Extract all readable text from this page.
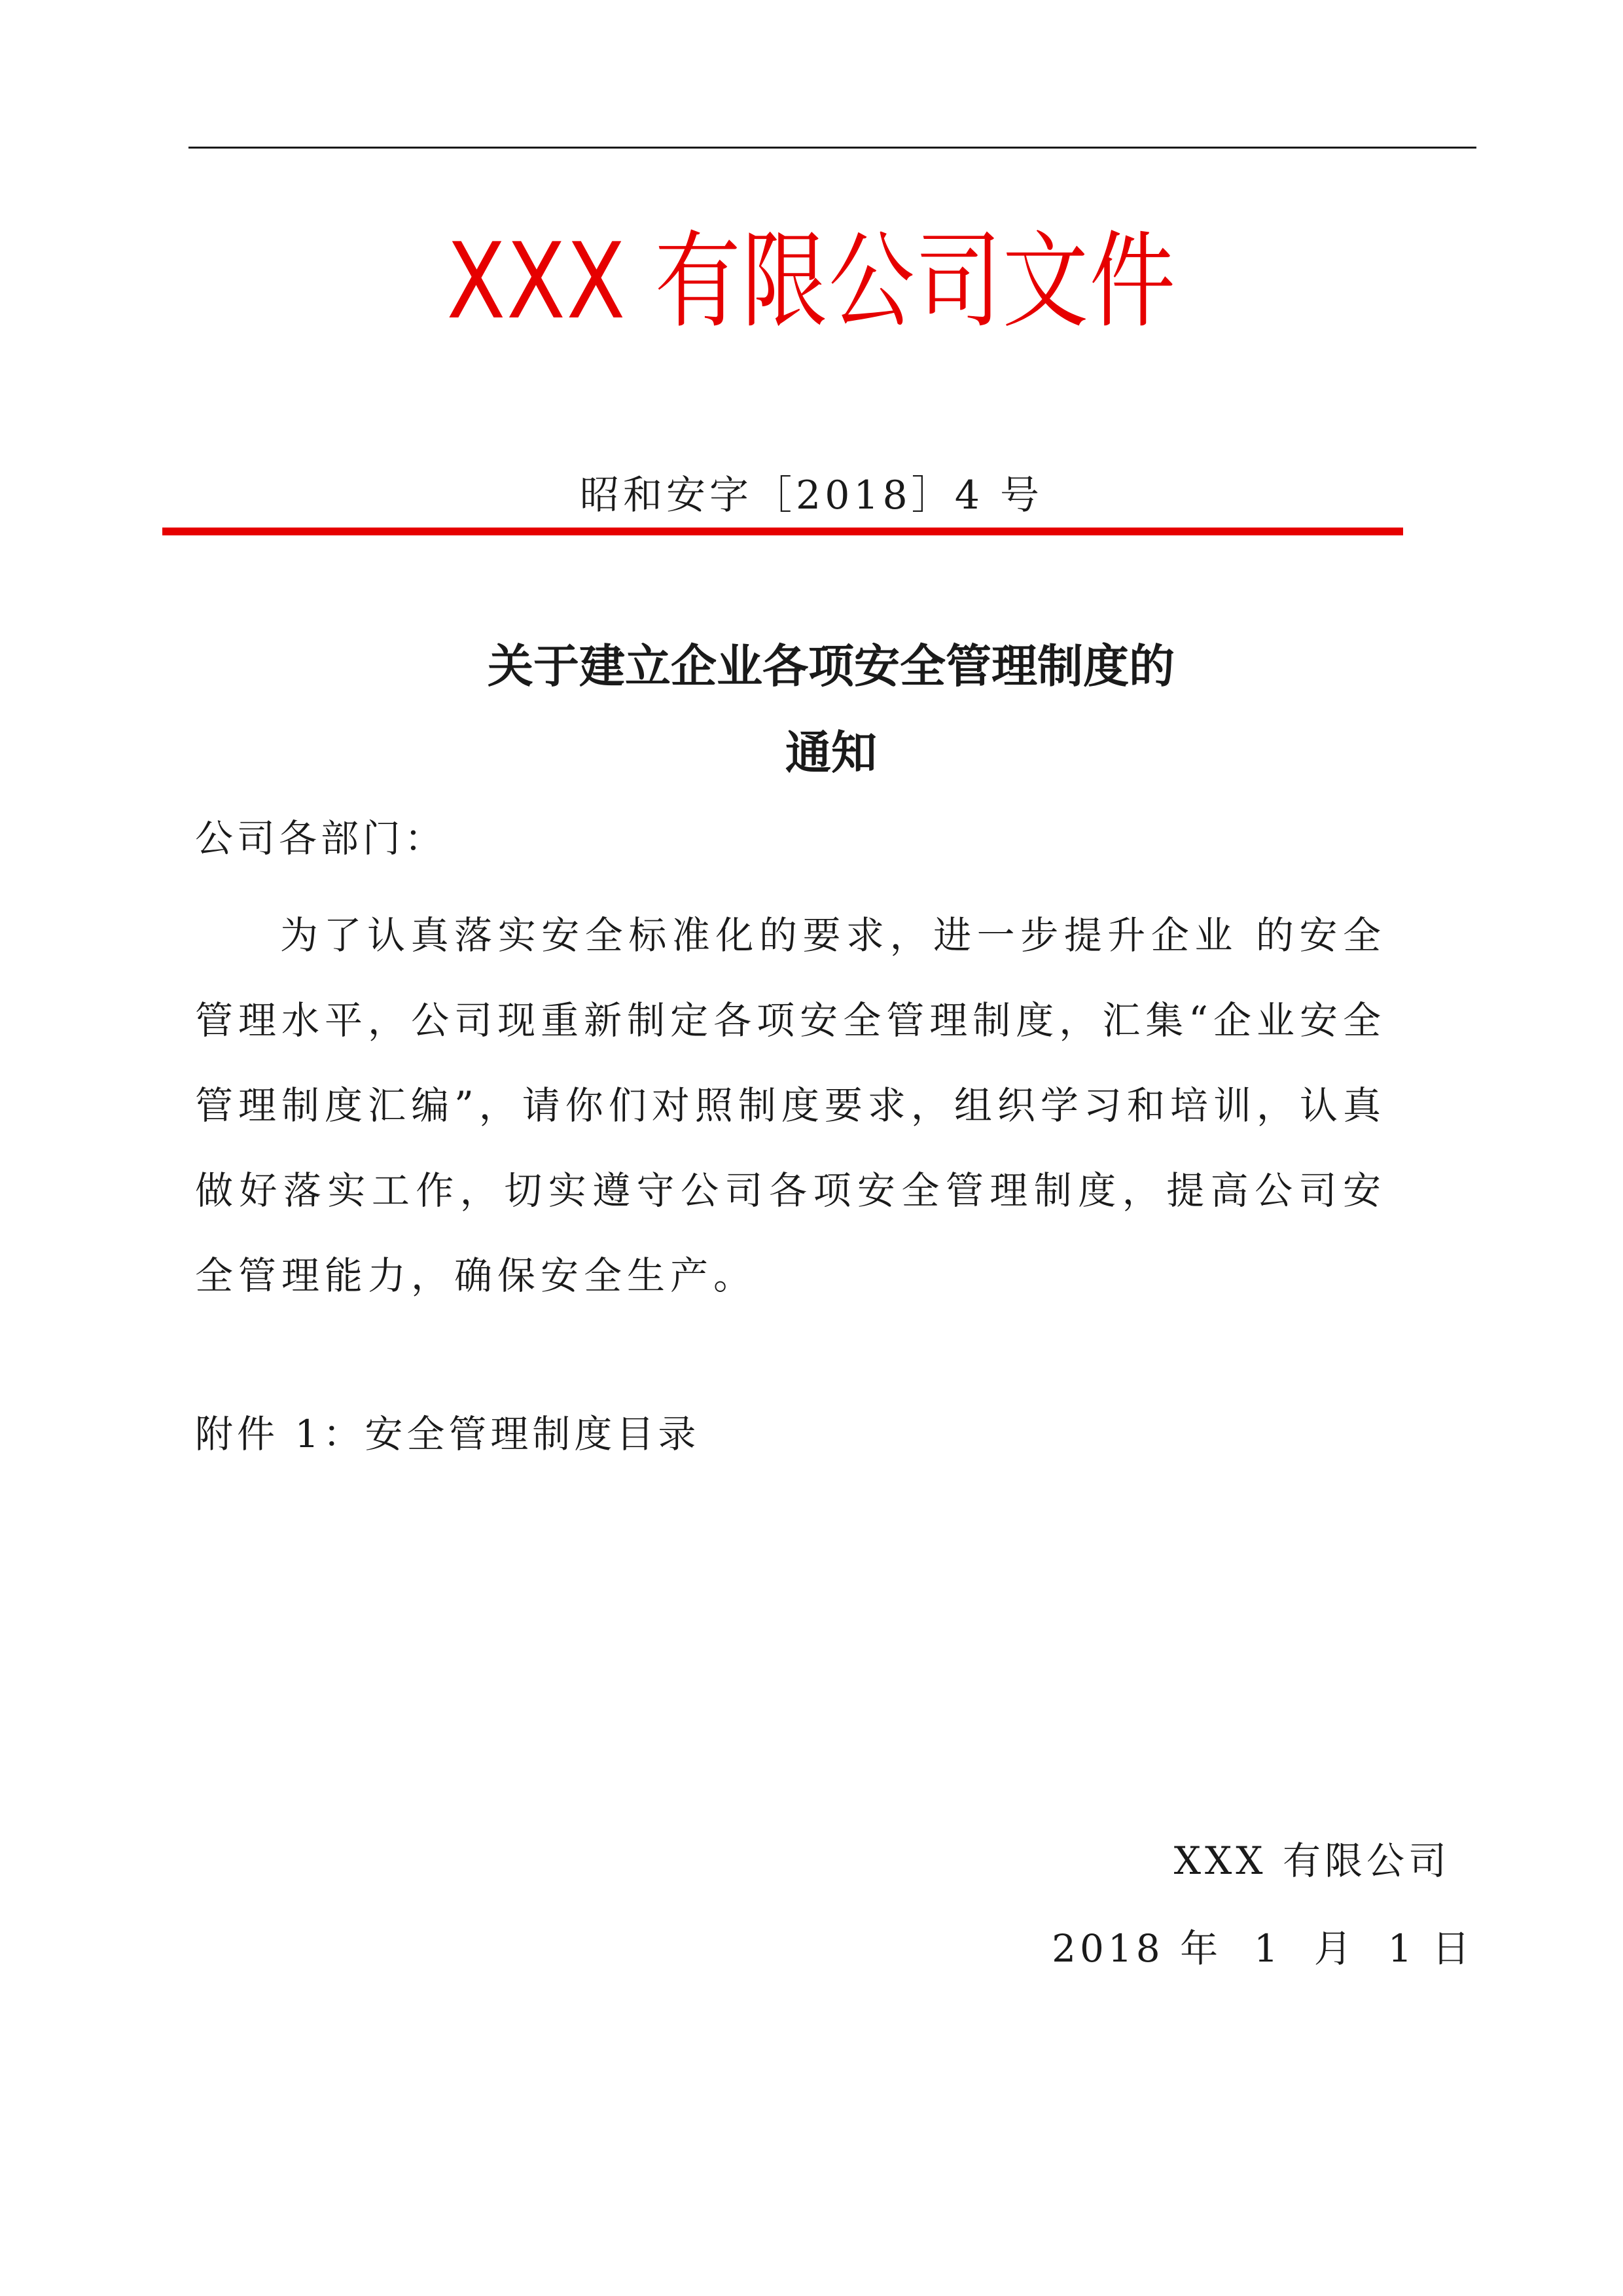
XXX 有限公司文件
昭和安字［2018］4 号
关于建立企业各项安全管理制度的
通知
公司各部门：
为了认真落实安全标准化的要求，进一步提升企业 的安全管理水平，公司现重新制定各项安全管理制度，汇集“企业安全管理制度汇编”，请你们对照制度要求，组织学习和培训，认真做好落实工作，切实遵守公司各项安全管理制度，提高公司安全管理能力，确保安全生产。
附件 1：安全管理制度目录
XXX 有限公司
2018 年  1  月  1 日
